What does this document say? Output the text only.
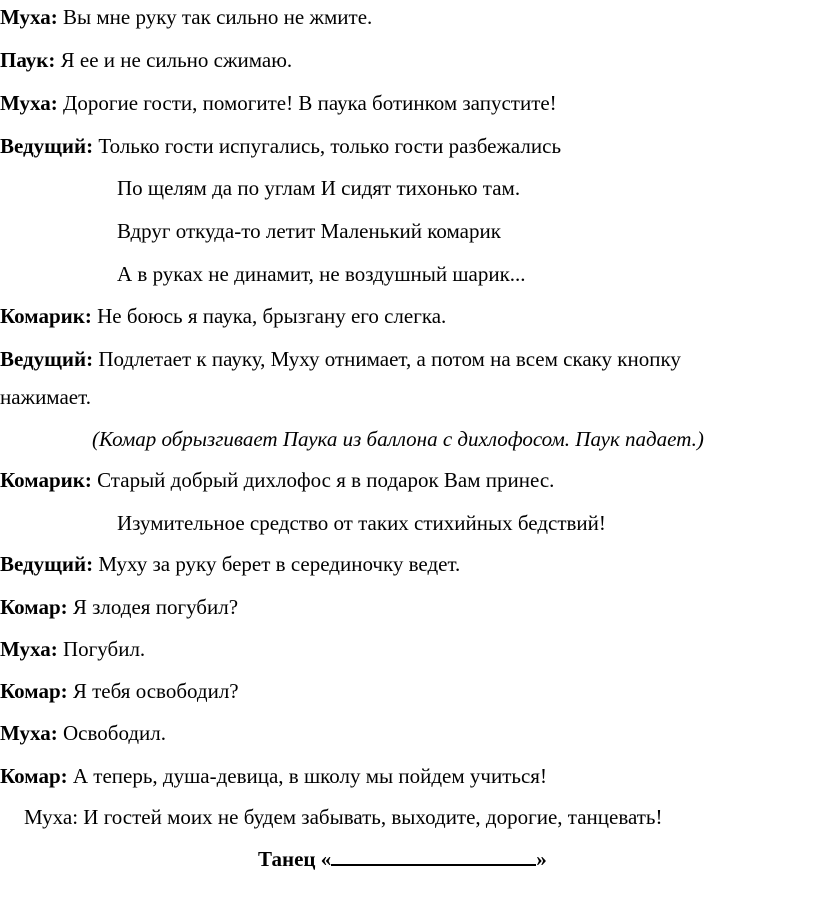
Муха: Вы мне руку так сильно не жмите.
Паук: Я ее и не сильно сжимаю.
Муха: Дорогие гости, помогите! В паука ботинком запустите!
Ведущий: Только гости испугались, только гости разбежались
По щелям да по углам И сидят тихонько там.
Вдруг откуда-то летит Маленький комарик
А в руках не динамит, не воздушный шарик...
Комарик: Не боюсь я паука, брызгану его слегка.
Ведущий: Подлетает к пауку, Муху отнимает, а потом на всем скаку кнопку
нажимает.
(Комар обрызгивает Паука из баллона с дихлофосом. Паук падает.)
Комарик: Старый добрый дихлофос я в подарок Вам принес.
Изумительное средство от таких стихийных бедствий!
Ведущий: Муху за руку берет в серединочку ведет.
Комар: Я злодея погубил?
Муха: Погубил.
Комар: Я тебя освободил?
Муха: Освободил.
Комар: А теперь, душа-девица, в школу мы пойдем учиться!
Муха: И гостей моих не будем забывать, выходите, дорогие, танцевать!
Танец «	»
